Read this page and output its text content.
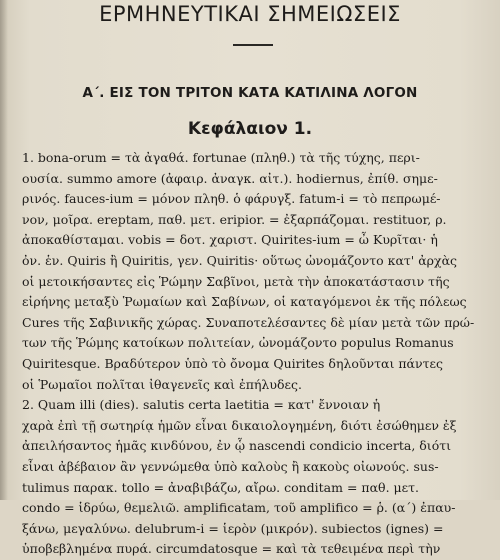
ΕΡΜΗΝΕΥΤΙΚΑΙ ΣΗΜΕΙΩΣΕΙΣ
Α΄. ΕΙΣ ΤΟΝ ΤΡΙΤΟΝ ΚΑΤΑ ΚΑΤΙΛΙΝΑ ΛΟΓΟΝ
Κεφάλαιον 1.
1. bona-orum = τὰ ἀγαθά. fortunae (πληθ.) τὰ τῆς τύχης, περι-
ουσία. summo amore (ἀφαιρ. ἀναγκ. αἰτ.). hodiernus, ἐπίθ. σημε-
ρινός. fauces-ium = μόνον πληθ. ὁ φάρυγξ. fatum-i = τὸ πεπρωμέ-
νον, μοῖρα. ereptam, παθ. μετ. eripior. = ἐξαρπάζομαι. restituor, ρ.
ἀποκαθίσταμαι. vobis = δοτ. χαριστ. Quirites-ium = ὦ Κυρῖται· ἡ
ὀν. ἑν. Quiris ἢ Quiritis, γεν. Quiritis· οὕτως ὠνομάζοντο κατ' ἀρχὰς
οἱ μετοικήσαντες εἰς Ῥώμην Σαβῖνοι, μετὰ τὴν ἀποκατάστασιν τῆς
εἰρήνης μεταξὺ Ῥωμαίων καὶ Σαβίνων, οἱ καταγόμενοι ἐκ τῆς πόλεως
Cures τῆς Σαβινικῆς χώρας. Συναποτελέσαντες δὲ μίαν μετὰ τῶν πρώ-
των τῆς Ῥώμης κατοίκων πολιτείαν, ὠνομάζοντο populus Romanus
Quiritesque. Βραδύτερον ὑπὸ τὸ ὄνομα Quirites δηλοῦνται πάντες
οἱ Ῥωμαῖοι πολῖται ἰθαγενεῖς καὶ ἐπήλυδες.
2. Quam illi (dies). salutis certa laetitia = κατ' ἔννοιαν ἡ
χαρὰ ἐπὶ τῇ σωτηρίᾳ ἡμῶν εἶναι δικαιολογημένη, διότι ἐσώθημεν ἐξ
ἀπειλήσαντος ἡμᾶς κινδύνου, ἐν ᾧ nascendi condicio incerta, διότι
εἶναι ἀβέβαιον ἂν γεννώμεθα ὑπὸ καλοὺς ἢ κακοὺς οἰωνούς. sus-
tulimus παρακ. tollo = ἀναβιβάζω, αἴρω. conditam = παθ. μετ.
condo = ἱδρύω, θεμελιῶ. amplificatam, τοῦ amplifico = ῥ. (α΄) ἐπαυ-
ξάνω, μεγαλύνω. delubrum-i = ἱερὸν (μικρόν). subiectos (ignes) =
ὑποβεβλημένα πυρά. circumdatosque = καὶ τὰ τεθειμένα περὶ τὴν
